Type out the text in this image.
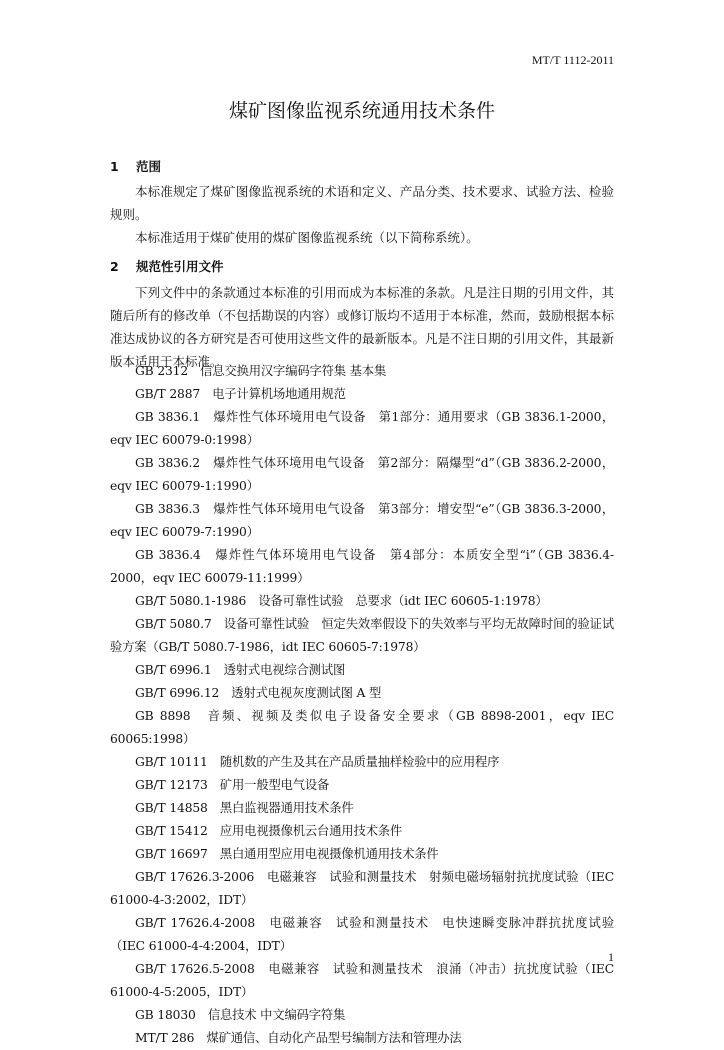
MT/T 1112-2011
煤矿图像监视系统通用技术条件
1 范围
本标准规定了煤矿图像监视系统的术语和定义、产品分类、技术要求、试验方法、检验规则。
本标准适用于煤矿使用的煤矿图像监视系统（以下简称系统）。
2 规范性引用文件
下列文件中的条款通过本标准的引用而成为本标准的条款。凡是注日期的引用文件，其随后所有的修改单（不包括勘误的内容）或修订版均不适用于本标准，然而，鼓励根据本标准达成协议的各方研究是否可使用这些文件的最新版本。凡是不注日期的引用文件，其最新版本适用于本标准。

GB 2312　信息交换用汉字编码字符集 基本集

GB/T 2887　电子计算机场地通用规范

GB 3836.1　爆炸性气体环境用电气设备　第1部分：通用要求（GB 3836.1-2000，eqv IEC 60079-0:1998）

GB 3836.2　爆炸性气体环境用电气设备　第2部分：隔爆型“d”（GB 3836.2-2000，eqv IEC 60079-1:1990）

GB 3836.3　爆炸性气体环境用电气设备　第3部分：增安型“e”（GB 3836.3-2000，eqv IEC 60079-7:1990）

GB 3836.4　爆炸性气体环境用电气设备　第4部分：本质安全型“i”（GB 3836.4-2000，eqv IEC 60079-11:1999）

GB/T 5080.1-1986　设备可靠性试验　总要求（idt IEC 60605-1:1978）

GB/T 5080.7　设备可靠性试验　恒定失效率假设下的失效率与平均无故障时间的验证试验方案（GB/T 5080.7-1986，idt IEC 60605-7:1978）

GB/T 6996.1　透射式电视综合测试图

GB/T 6996.12　透射式电视灰度测试图 A 型

GB 8898　音频、视频及类似电子设备安全要求（GB 8898-2001，eqv IEC 60065:1998）

GB/T 10111　随机数的产生及其在产品质量抽样检验中的应用程序

GB/T 12173　矿用一般型电气设备

GB/T 14858　黑白监视器通用技术条件

GB/T 15412　应用电视摄像机云台通用技术条件

GB/T 16697　黑白通用型应用电视摄像机通用技术条件

GB/T 17626.3-2006　电磁兼容　试验和测量技术　射频电磁场辐射抗扰度试验（IEC 61000-4-3:2002，IDT）

GB/T 17626.4-2008　电磁兼容　试验和测量技术　电快速瞬变脉冲群抗扰度试验（IEC 61000-4-4:2004，IDT）

GB/T 17626.5-2008　电磁兼容　试验和测量技术　浪涌（冲击）抗扰度试验（IEC 61000-4-5:2005，IDT）

GB 18030　信息技术 中文编码字符集

MT/T 286　煤矿通信、自动化产品型号编制方法和管理办法

1
